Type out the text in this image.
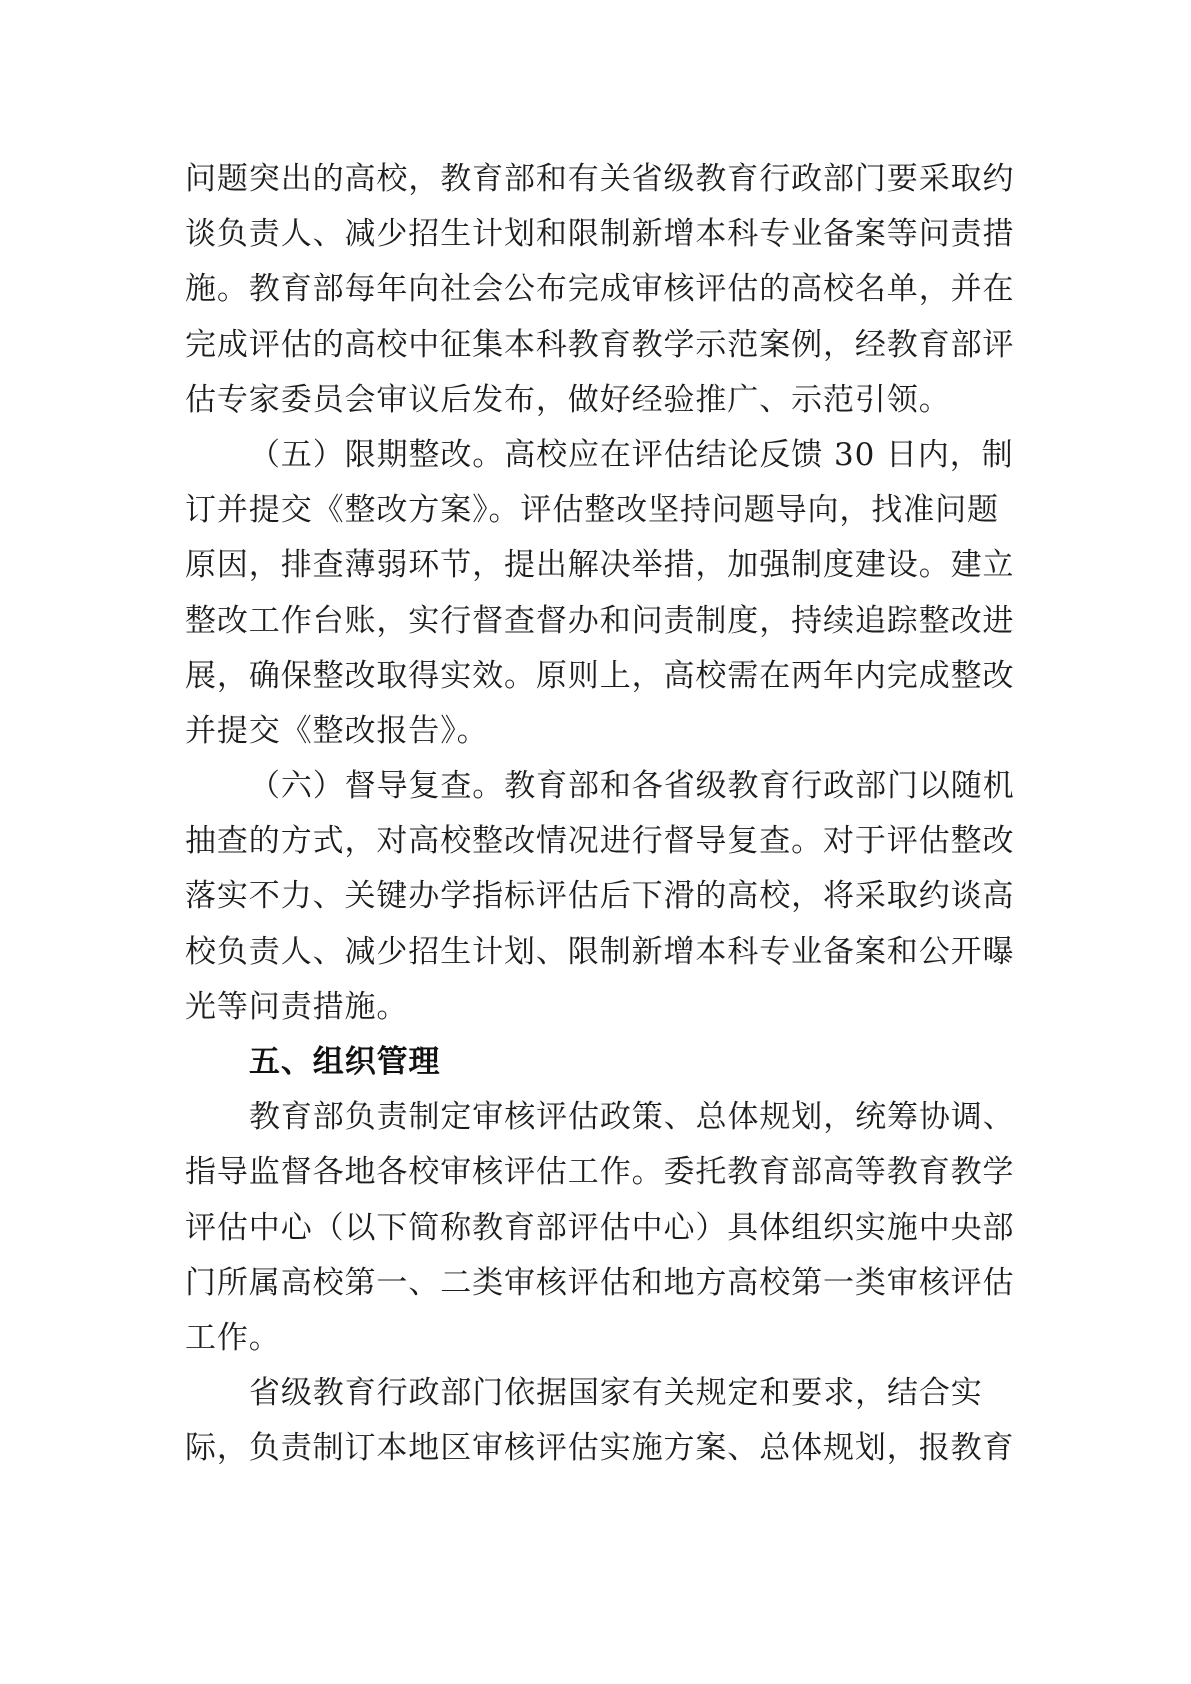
问题突出的高校，教育部和有关省级教育行政部门要采取约
谈负责人、减少招生计划和限制新增本科专业备案等问责措
施。教育部每年向社会公布完成审核评估的高校名单，并在
完成评估的高校中征集本科教育教学示范案例，经教育部评
估专家委员会审议后发布，做好经验推广、示范引领。
（五）限期整改。高校应在评估结论反馈 30 日内，制
订并提交《整改方案》。评估整改坚持问题导向，找准问题
原因，排查薄弱环节，提出解决举措，加强制度建设。建立
整改工作台账，实行督查督办和问责制度，持续追踪整改进
展，确保整改取得实效。原则上，高校需在两年内完成整改
并提交《整改报告》。
（六）督导复查。教育部和各省级教育行政部门以随机
抽查的方式，对高校整改情况进行督导复查。对于评估整改
落实不力、关键办学指标评估后下滑的高校，将采取约谈高
校负责人、减少招生计划、限制新增本科专业备案和公开曝
光等问责措施。
五、组织管理
教育部负责制定审核评估政策、总体规划，统筹协调、
指导监督各地各校审核评估工作。委托教育部高等教育教学
评估中心（以下简称教育部评估中心）具体组织实施中央部
门所属高校第一、二类审核评估和地方高校第一类审核评估
工作。
省级教育行政部门依据国家有关规定和要求，结合实
际，负责制订本地区审核评估实施方案、总体规划，报教育
